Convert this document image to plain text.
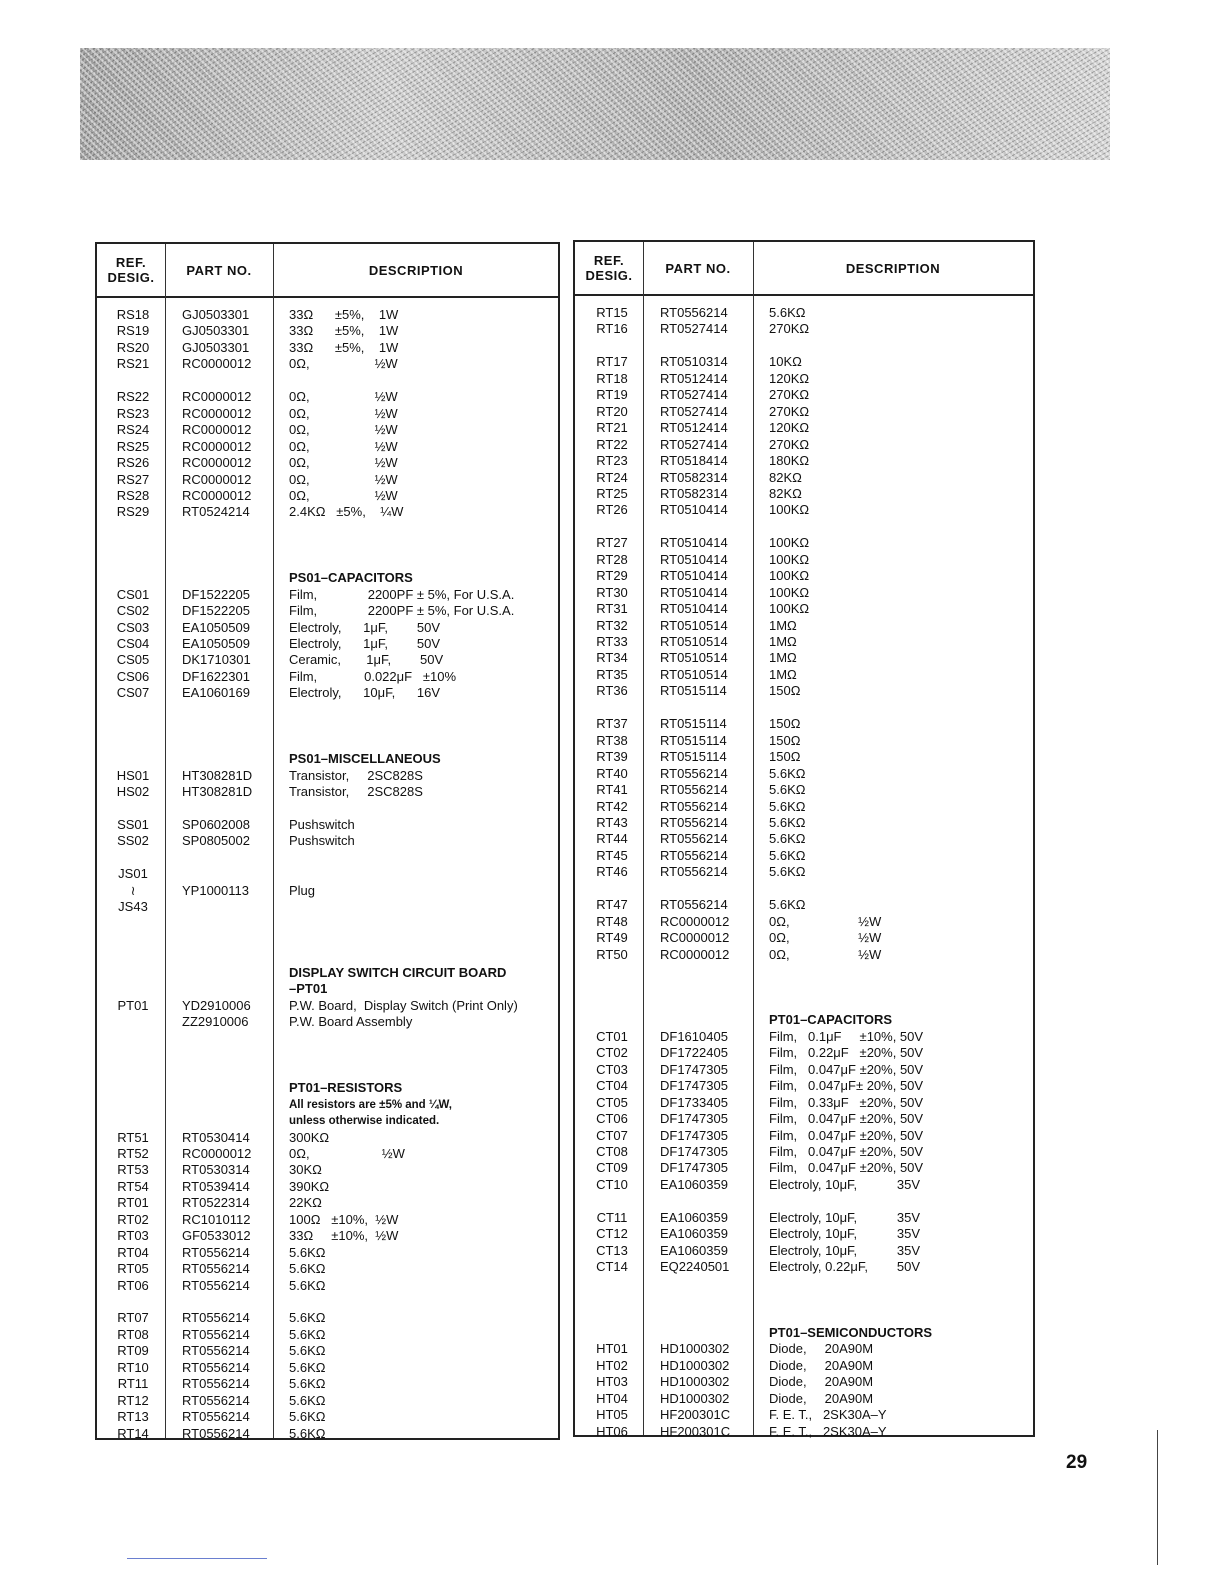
REF.
DESIG.	PART NO.	DESCRIPTION
RS18	GJ0503301	33Ω      ±5%,    1W
RS19	GJ0503301	33Ω      ±5%,    1W
RS20	GJ0503301	33Ω      ±5%,    1W
RS21	RC0000012	0Ω,                  ½W
RS22	RC0000012	0Ω,                  ½W
RS23	RC0000012	0Ω,                  ½W
RS24	RC0000012	0Ω,                  ½W
RS25	RC0000012	0Ω,                  ½W
RS26	RC0000012	0Ω,                  ½W
RS27	RC0000012	0Ω,                  ½W
RS28	RC0000012	0Ω,                  ½W
RS29	RT0524214	2.4KΩ   ±5%,    ¼W
PS01–CAPACITORS
CS01	DF1522205	Film,              2200PF ± 5%, For U.S.A.
CS02	DF1522205	Film,              2200PF ± 5%, For U.S.A.
CS03	EA1050509	Electroly,      1μF,        50V
CS04	EA1050509	Electroly,      1μF,        50V
CS05	DK1710301	Ceramic,       1μF,        50V
CS06	DF1622301	Film,             0.022μF   ±10%
CS07	EA1060169	Electroly,      10μF,      16V
PS01–MISCELLANEOUS
HS01	HT308281D	Transistor,     2SC828S
HS02	HT308281D	Transistor,     2SC828S
SS01	SP0602008	Pushswitch
SS02	SP0805002	Pushswitch
JS01
≀	YP1000113	Plug
JS43
DISPLAY SWITCH CIRCUIT BOARD
–PT01
PT01	YD2910006	P.W. Board,  Display Switch (Print Only)
ZZ2910006	P.W. Board Assembly
PT01–RESISTORS
All resistors are ±5% and ¼W,
unless otherwise indicated.
RT51	RT0530414	300KΩ
RT52	RC0000012	0Ω,                    ½W
RT53	RT0530314	30KΩ
RT54	RT0539414	390KΩ
RT01	RT0522314	22KΩ
RT02	RC1010112	100Ω   ±10%,  ½W
RT03	GF0533012	33Ω     ±10%,  ½W
RT04	RT0556214	5.6KΩ
RT05	RT0556214	5.6KΩ
RT06	RT0556214	5.6KΩ
RT07	RT0556214	5.6KΩ
RT08	RT0556214	5.6KΩ
RT09	RT0556214	5.6KΩ
RT10	RT0556214	5.6KΩ
RT11	RT0556214	5.6KΩ
RT12	RT0556214	5.6KΩ
RT13	RT0556214	5.6KΩ
RT14	RT0556214	5.6KΩ
REF.
DESIG.	PART NO.	DESCRIPTION
RT15	RT0556214	5.6KΩ
RT16	RT0527414	270KΩ
RT17	RT0510314	10KΩ
RT18	RT0512414	120KΩ
RT19	RT0527414	270KΩ
RT20	RT0527414	270KΩ
RT21	RT0512414	120KΩ
RT22	RT0527414	270KΩ
RT23	RT0518414	180KΩ
RT24	RT0582314	82KΩ
RT25	RT0582314	82KΩ
RT26	RT0510414	100KΩ
RT27	RT0510414	100KΩ
RT28	RT0510414	100KΩ
RT29	RT0510414	100KΩ
RT30	RT0510414	100KΩ
RT31	RT0510414	100KΩ
RT32	RT0510514	1MΩ
RT33	RT0510514	1MΩ
RT34	RT0510514	1MΩ
RT35	RT0510514	1MΩ
RT36	RT0515114	150Ω
RT37	RT0515114	150Ω
RT38	RT0515114	150Ω
RT39	RT0515114	150Ω
RT40	RT0556214	5.6KΩ
RT41	RT0556214	5.6KΩ
RT42	RT0556214	5.6KΩ
RT43	RT0556214	5.6KΩ
RT44	RT0556214	5.6KΩ
RT45	RT0556214	5.6KΩ
RT46	RT0556214	5.6KΩ
RT47	RT0556214	5.6KΩ
RT48	RC0000012	0Ω,                   ½W
RT49	RC0000012	0Ω,                   ½W
RT50	RC0000012	0Ω,                   ½W
PT01–CAPACITORS
CT01	DF1610405	Film,   0.1μF     ±10%, 50V
CT02	DF1722405	Film,   0.22μF   ±20%, 50V
CT03	DF1747305	Film,   0.047μF ±20%, 50V
CT04	DF1747305	Film,   0.047μF± 20%, 50V
CT05	DF1733405	Film,   0.33μF   ±20%, 50V
CT06	DF1747305	Film,   0.047μF ±20%, 50V
CT07	DF1747305	Film,   0.047μF ±20%, 50V
CT08	DF1747305	Film,   0.047μF ±20%, 50V
CT09	DF1747305	Film,   0.047μF ±20%, 50V
CT10	EA1060359	Electroly, 10μF,           35V
CT11	EA1060359	Electroly, 10μF,           35V
CT12	EA1060359	Electroly, 10μF,           35V
CT13	EA1060359	Electroly, 10μF,           35V
CT14	EQ2240501	Electroly, 0.22μF,        50V
PT01–SEMICONDUCTORS
HT01	HD1000302	Diode,     20A90M
HT02	HD1000302	Diode,     20A90M
HT03	HD1000302	Diode,     20A90M
HT04	HD1000302	Diode,     20A90M
HT05	HF200301C	F. E. T.,   2SK30A–Y
HT06	HF200301C	F. E. T.,   2SK30A–Y
29
